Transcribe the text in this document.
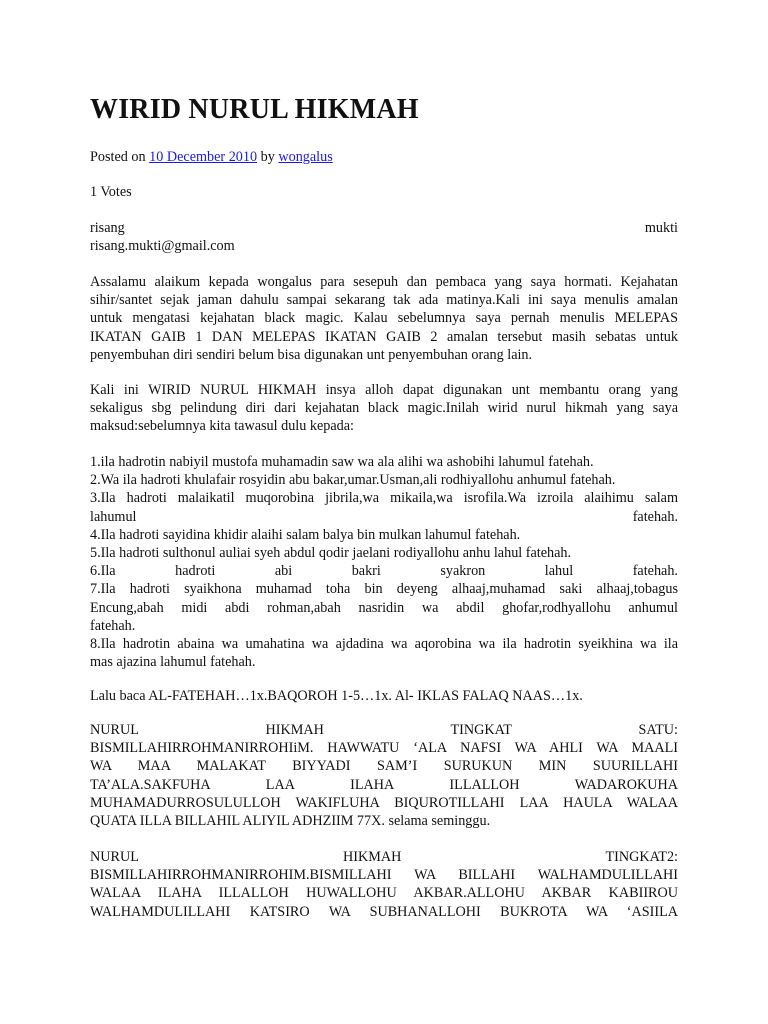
WIRID NURUL HIKMAH
Posted on 10 December 2010 by wongalus
1 Votes
risang	mukti
risang.mukti@gmail.com
Assalamu alaikum kepada wongalus para sesepuh dan pembaca yang saya hormati. Kejahatan
sihir/santet sejak jaman dahulu sampai sekarang tak ada matinya.Kali ini saya menulis amalan
untuk mengatasi kejahatan black magic. Kalau sebelumnya saya pernah menulis MELEPAS
IKATAN GAIB 1 DAN MELEPAS IKATAN GAIB 2 amalan tersebut masih sebatas untuk
penyembuhan diri sendiri belum bisa digunakan unt penyembuhan orang lain.
Kali ini WIRID NURUL HIKMAH insya alloh dapat digunakan unt membantu orang yang
sekaligus sbg pelindung diri dari kejahatan black magic.Inilah wirid nurul hikmah yang saya
maksud:sebelumnya kita tawasul dulu kepada:
1.ila hadrotin nabiyil mustofa muhamadin saw wa ala alihi wa ashobihi lahumul fatehah.
2.Wa ila hadroti khulafair rosyidin abu bakar,umar.Usman,ali rodhiyallohu anhumul fatehah.
3.Ila hadroti malaikatil muqorobina jibrila,wa mikaila,wa isrofila.Wa izroila alaihimu salam
lahumul	fatehah.
4.Ila hadroti sayidina khidir alaihi salam balya bin mulkan lahumul fatehah.
5.Ila hadroti sulthonul auliai syeh abdul qodir jaelani rodiyallohu anhu lahul fatehah.
6.Ila	hadroti	abi	bakri	syakron	lahul	fatehah.
7.Ila hadroti syaikhona muhamad toha bin deyeng alhaaj,muhamad saki alhaaj,tobagus
Encung,abah midi abdi rohman,abah nasridin wa abdil ghofar,rodhyallohu anhumul
fatehah.
8.Ila hadrotin abaina wa umahatina wa ajdadina wa aqorobina wa ila hadrotin syeikhina wa ila
mas ajazina lahumul fatehah.
Lalu baca AL-FATEHAH…1x.BAQOROH 1-5…1x. Al- IKLAS FALAQ NAAS…1x.
NURUL	HIKMAH	TINGKAT	SATU:
BISMILLAHIRROHMANIRROHIiM. HAWWATU ‘ALA NAFSI WA AHLI WA MAALI
WA MAA MALAKAT BIYYADI SAM’I SURUKUN MIN SUURILLAHI
TA’ALA.SAKFUHA	LAA	ILAHA	ILLALLOH	WADAROKUHA
MUHAMADURROSULULLOH WAKIFLUHA BIQUROTILLAHI LAA HAULA WALAA
QUATA ILLA BILLAHIL ALIYIL ADHZIIM 77X. selama seminggu.
NURUL	HIKMAH	TINGKAT2:
BISMILLAHIRROHMANIRROHIM.BISMILLAHI WA BILLAHI WALHAMDULILLAHI
WALAA ILAHA ILLALLOH HUWALLOHU AKBAR.ALLOHU AKBAR KABIIROU
WALHAMDULILLAHI KATSIRO WA SUBHANALLOHI BUKROTA WA ‘ASIILA
